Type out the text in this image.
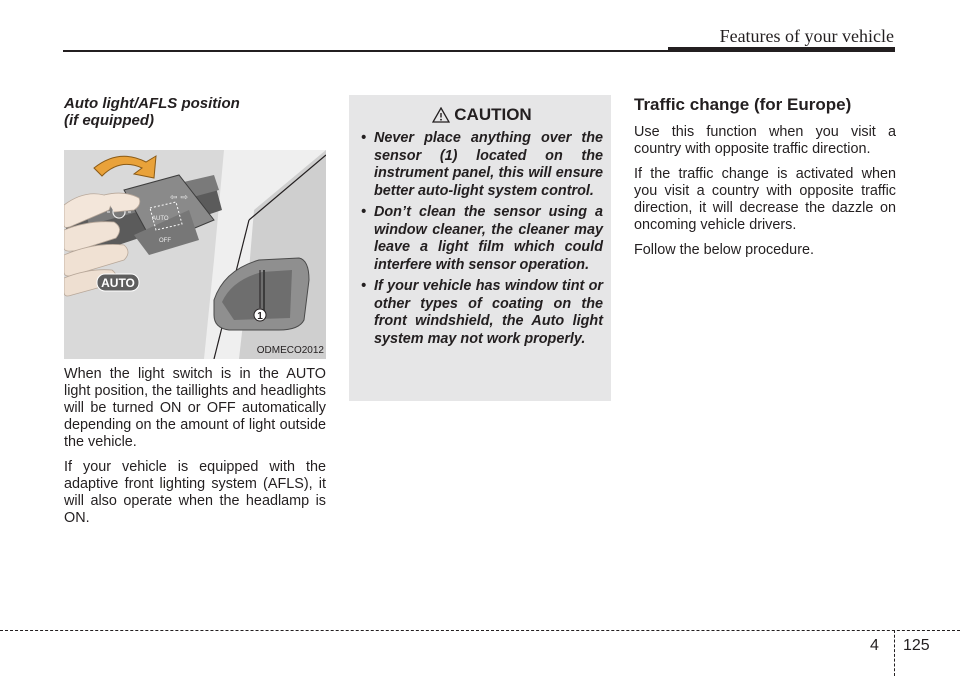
Features of your vehicle
Auto light/AFLS position
(if equipped)
AUTO
OFF
⇦ ⇨
AUTO
1
ODMECO2012

When the light switch is in the AUTO light position, the taillights and headlights will be turned ON or OFF automatically depending on the amount of light outside the vehicle.

If your vehicle is equipped with the adaptive front lighting system (AFLS), it will also operate when the headlamp is ON.

CAUTION
• Never place anything over the sensor (1) located on the instrument panel, this will ensure better auto-light system control.
• Don’t clean the sensor using a window cleaner, the cleaner may leave a light film which could interfere with sensor operation.
• If your vehicle has window tint or other types of coating on the front windshield, the Auto light system may not work properly.
Traffic change (for Europe)

Use this function when you visit a country with opposite traffic direction.

If the traffic change is activated when you visit a country with opposite traffic direction, it will decrease the dazzle on oncoming vehicle drivers.

Follow the below procedure.

4 125
